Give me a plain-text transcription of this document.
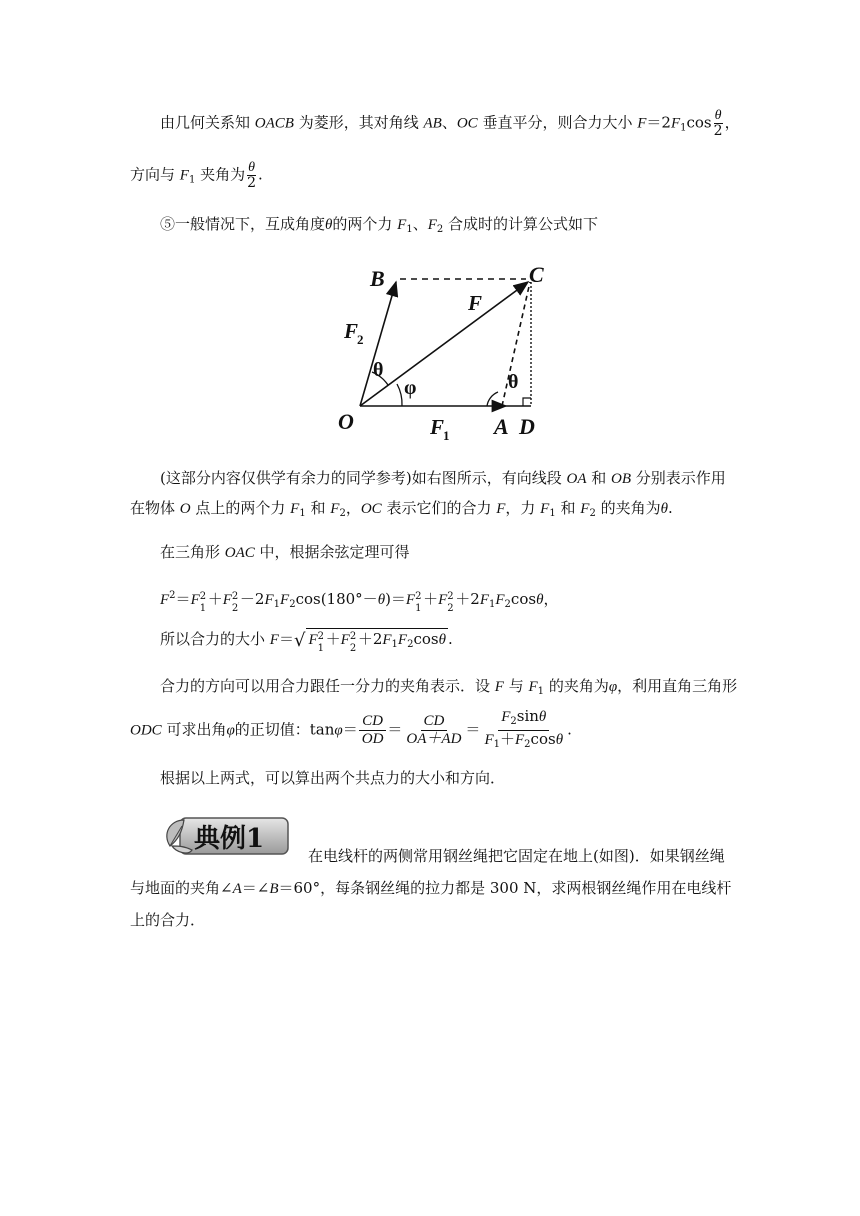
由几何关系知 OACB 为菱形，其对角线 AB、OC 垂直平分，则合力大小 $F=2F_1\cos \frac{\theta}{2}$ ，
方向与 $F_1$ 夹角为 $\frac{\theta}{2}$ .
⑤一般情况下，互成角度θ的两个力 $F_1$、$F_2$ 合成时的计算公式如下
B	C
F
F
2
θ
φ	θ
O	F
1 A D
(这部分内容仅供学有余力的同学参考)如右图所示，有向线段 OA 和 OB 分别表示作用
在物体 O 点上的两个力 $F_1$ 和 $F_2$，OC 表示它们的合力 F，力 $F_1$ 和 $F_2$ 的夹角为θ.
在三角形 OAC 中，根据余弦定理可得
$F^2=F$ 2
1
＋F 2
2
$-2F_1F_2\cos(180^\circ-\theta)=F$ 2
1
＋F 2
2
$+2F_1F_2\cos\theta$，
所以合力的大小 F＝√ F 2
1
＋F 2
2
$+2F_1F_2\cos\theta$ .
合力的方向可以用合力跟任一分力的夹角表示．设 F 与 $F_1$ 的夹角为φ，利用直角三角形
ODC 可求出角φ的正切值：$\tan\varphi= \frac{CD}{OD} = \frac{CD}{OA+AD} = \frac{F_2\sin\theta}{F_1+F_2\cos\theta}$ .
根据以上两式，可以算出两个共点力的大小和方向．
典例1
在电线杆的两侧常用钢丝绳把它固定在地上(如图)．如果钢丝绳
与地面的夹角∠A＝∠B＝60°，每条钢丝绳的拉力都是 300 N，求两根钢丝绳作用在电线杆
上的合力．
